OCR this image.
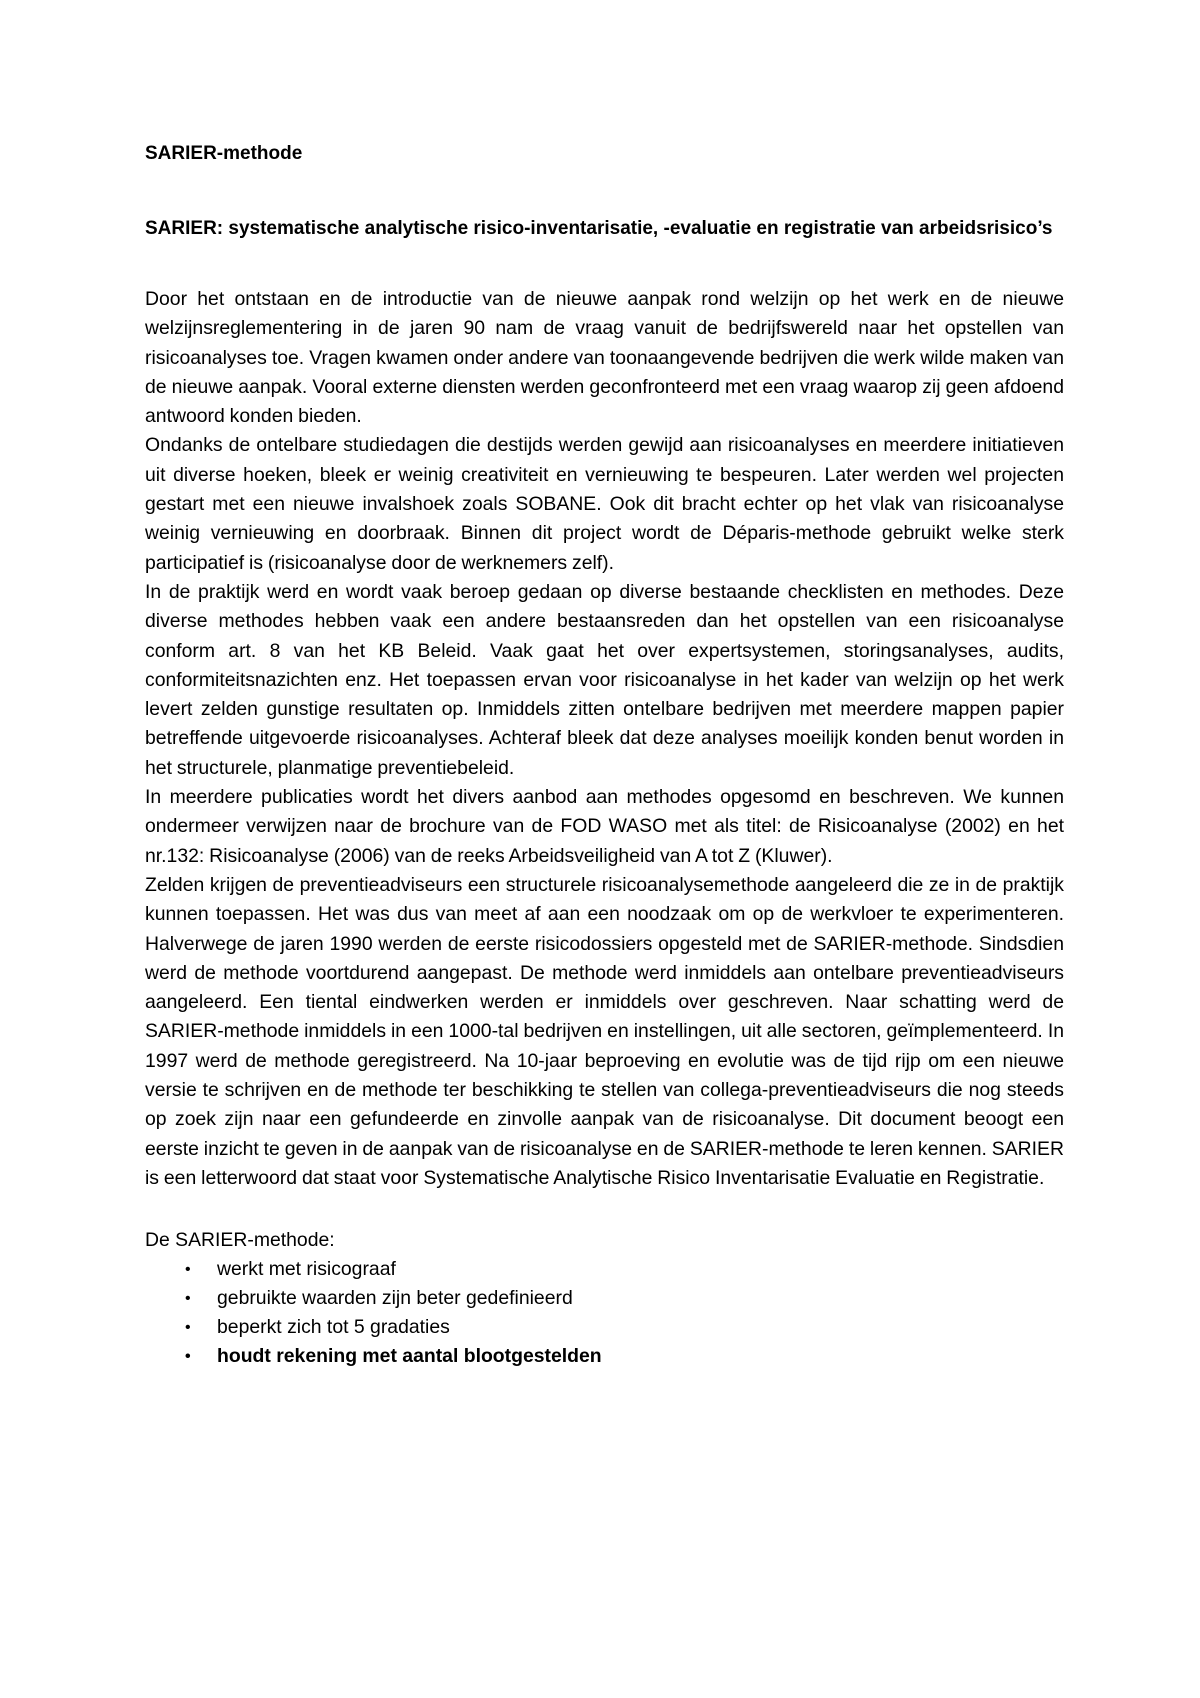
SARIER-methode
SARIER: systematische analytische risico-inventarisatie, -evaluatie en registratie van arbeidsrisico’s

Door het ontstaan en de introductie van de nieuwe aanpak rond welzijn op het werk en de nieuwe welzijnsreglementering in de jaren 90 nam de vraag vanuit de bedrijfswereld naar het opstellen van risicoanalyses toe. Vragen kwamen onder andere van toonaangevende bedrijven die werk wilde maken van de nieuwe aanpak. Vooral externe diensten werden geconfronteerd met een vraag waarop zij geen afdoend antwoord konden bieden.

Ondanks de ontelbare studiedagen die destijds werden gewijd aan risicoanalyses en meerdere initiatieven uit diverse hoeken, bleek er weinig creativiteit en vernieuwing te bespeuren. Later werden wel projecten gestart met een nieuwe invalshoek zoals SOBANE. Ook dit bracht echter op het vlak van risicoanalyse weinig vernieuwing en doorbraak. Binnen dit project wordt de Déparis-methode gebruikt welke sterk participatief is (risicoanalyse door de werknemers zelf).

In de praktijk werd en wordt vaak beroep gedaan op diverse bestaande checklisten en methodes. Deze diverse methodes hebben vaak een andere bestaansreden dan het opstellen van een risicoanalyse conform art. 8 van het KB Beleid. Vaak gaat het over expertsystemen, storingsanalyses, audits, conformiteitsnazichten enz. Het toepassen ervan voor risicoanalyse in het kader van welzijn op het werk levert zelden gunstige resultaten op. Inmiddels zitten ontelbare bedrijven met meerdere mappen papier betreffende uitgevoerde risicoanalyses. Achteraf bleek dat deze analyses moeilijk konden benut worden in het structurele, planmatige preventiebeleid.

In meerdere publicaties wordt het divers aanbod aan methodes opgesomd en beschreven. We kunnen ondermeer verwijzen naar de brochure van de FOD WASO met als titel: de Risicoanalyse (2002) en het nr.132: Risicoanalyse (2006) van de reeks Arbeidsveiligheid van A tot Z (Kluwer).

Zelden krijgen de preventieadviseurs een structurele risicoanalysemethode aangeleerd die ze in de praktijk kunnen toepassen. Het was dus van meet af aan een noodzaak om op de werkvloer te experimenteren. Halverwege de jaren 1990 werden de eerste risicodossiers opgesteld met de SARIER-methode. Sindsdien werd de methode voortdurend aangepast. De methode werd inmiddels aan ontelbare preventieadviseurs aangeleerd. Een tiental eindwerken werden er inmiddels over geschreven. Naar schatting werd de SARIER-methode inmiddels in een 1000-tal bedrijven en instellingen, uit alle sectoren, geïmplementeerd. In 1997 werd de methode geregistreerd. Na 10-jaar beproeving en evolutie was de tijd rijp om een nieuwe versie te schrijven en de methode ter beschikking te stellen van collega-preventieadviseurs die nog steeds op zoek zijn naar een gefundeerde en zinvolle aanpak van de risicoanalyse. Dit document beoogt een eerste inzicht te geven in de aanpak van de risicoanalyse en de SARIER-methode te leren kennen. SARIER is een letterwoord dat staat voor Systematische Analytische Risico Inventarisatie Evaluatie en Registratie.

De SARIER-methode:

• werkt met risicograaf
• gebruikte waarden zijn beter gedefinieerd
• beperkt zich tot 5 gradaties
• houdt rekening met aantal blootgestelden
